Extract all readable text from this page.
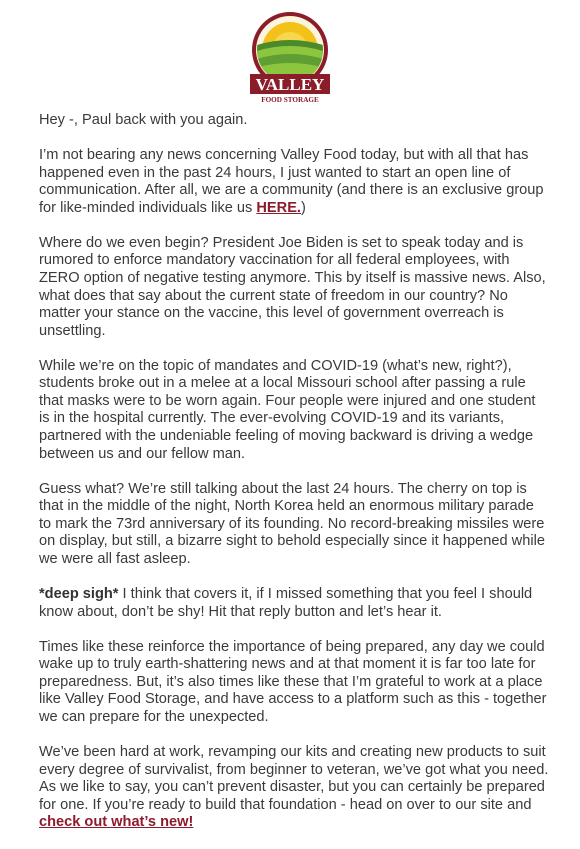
VALLEY
FOOD STORAGE

Hey -, Paul back with you again.

I’m not bearing any news concerning Valley Food today, but with all that has happened even in the past 24 hours, I just wanted to start an open line of communication. After all, we are a community (and there is an exclusive group for like-minded individuals like us HERE.)

Where do we even begin? President Joe Biden is set to speak today and is rumored to enforce mandatory vaccination for all federal employees, with ZERO option of negative testing anymore. This by itself is massive news. Also, what does that say about the current state of freedom in our country? No matter your stance on the vaccine, this level of government overreach is unsettling.

While we’re on the topic of mandates and COVID-19 (what’s new, right?), students broke out in a melee at a local Missouri school after passing a rule that masks were to be worn again. Four people were injured and one student is in the hospital currently. The ever-evolving COVID-19 and its variants, partnered with the undeniable feeling of moving backward is driving a wedge between us and our fellow man.

Guess what? We’re still talking about the last 24 hours. The cherry on top is that in the middle of the night, North Korea held an enormous military parade to mark the 73rd anniversary of its founding. No record-breaking missiles were on display, but still, a bizarre sight to behold especially since it happened while we were all fast asleep.

*deep sigh* I think that covers it, if I missed something that you feel I should know about, don’t be shy! Hit that reply button and let’s hear it.

Times like these reinforce the importance of being prepared, any day we could wake up to truly earth-shattering news and at that moment it is far too late for preparedness. But, it’s also times like these that I’m grateful to work at a place like Valley Food Storage, and have access to a platform such as this - together we can prepare for the unexpected.

We’ve been hard at work, revamping our kits and creating new products to suit every degree of survivalist, from beginner to veteran, we’ve got what you need. As we like to say, you can’t prevent disaster, but you can certainly be prepared for one. If you’re ready to build that foundation - head on over to our site and check out what’s new!
